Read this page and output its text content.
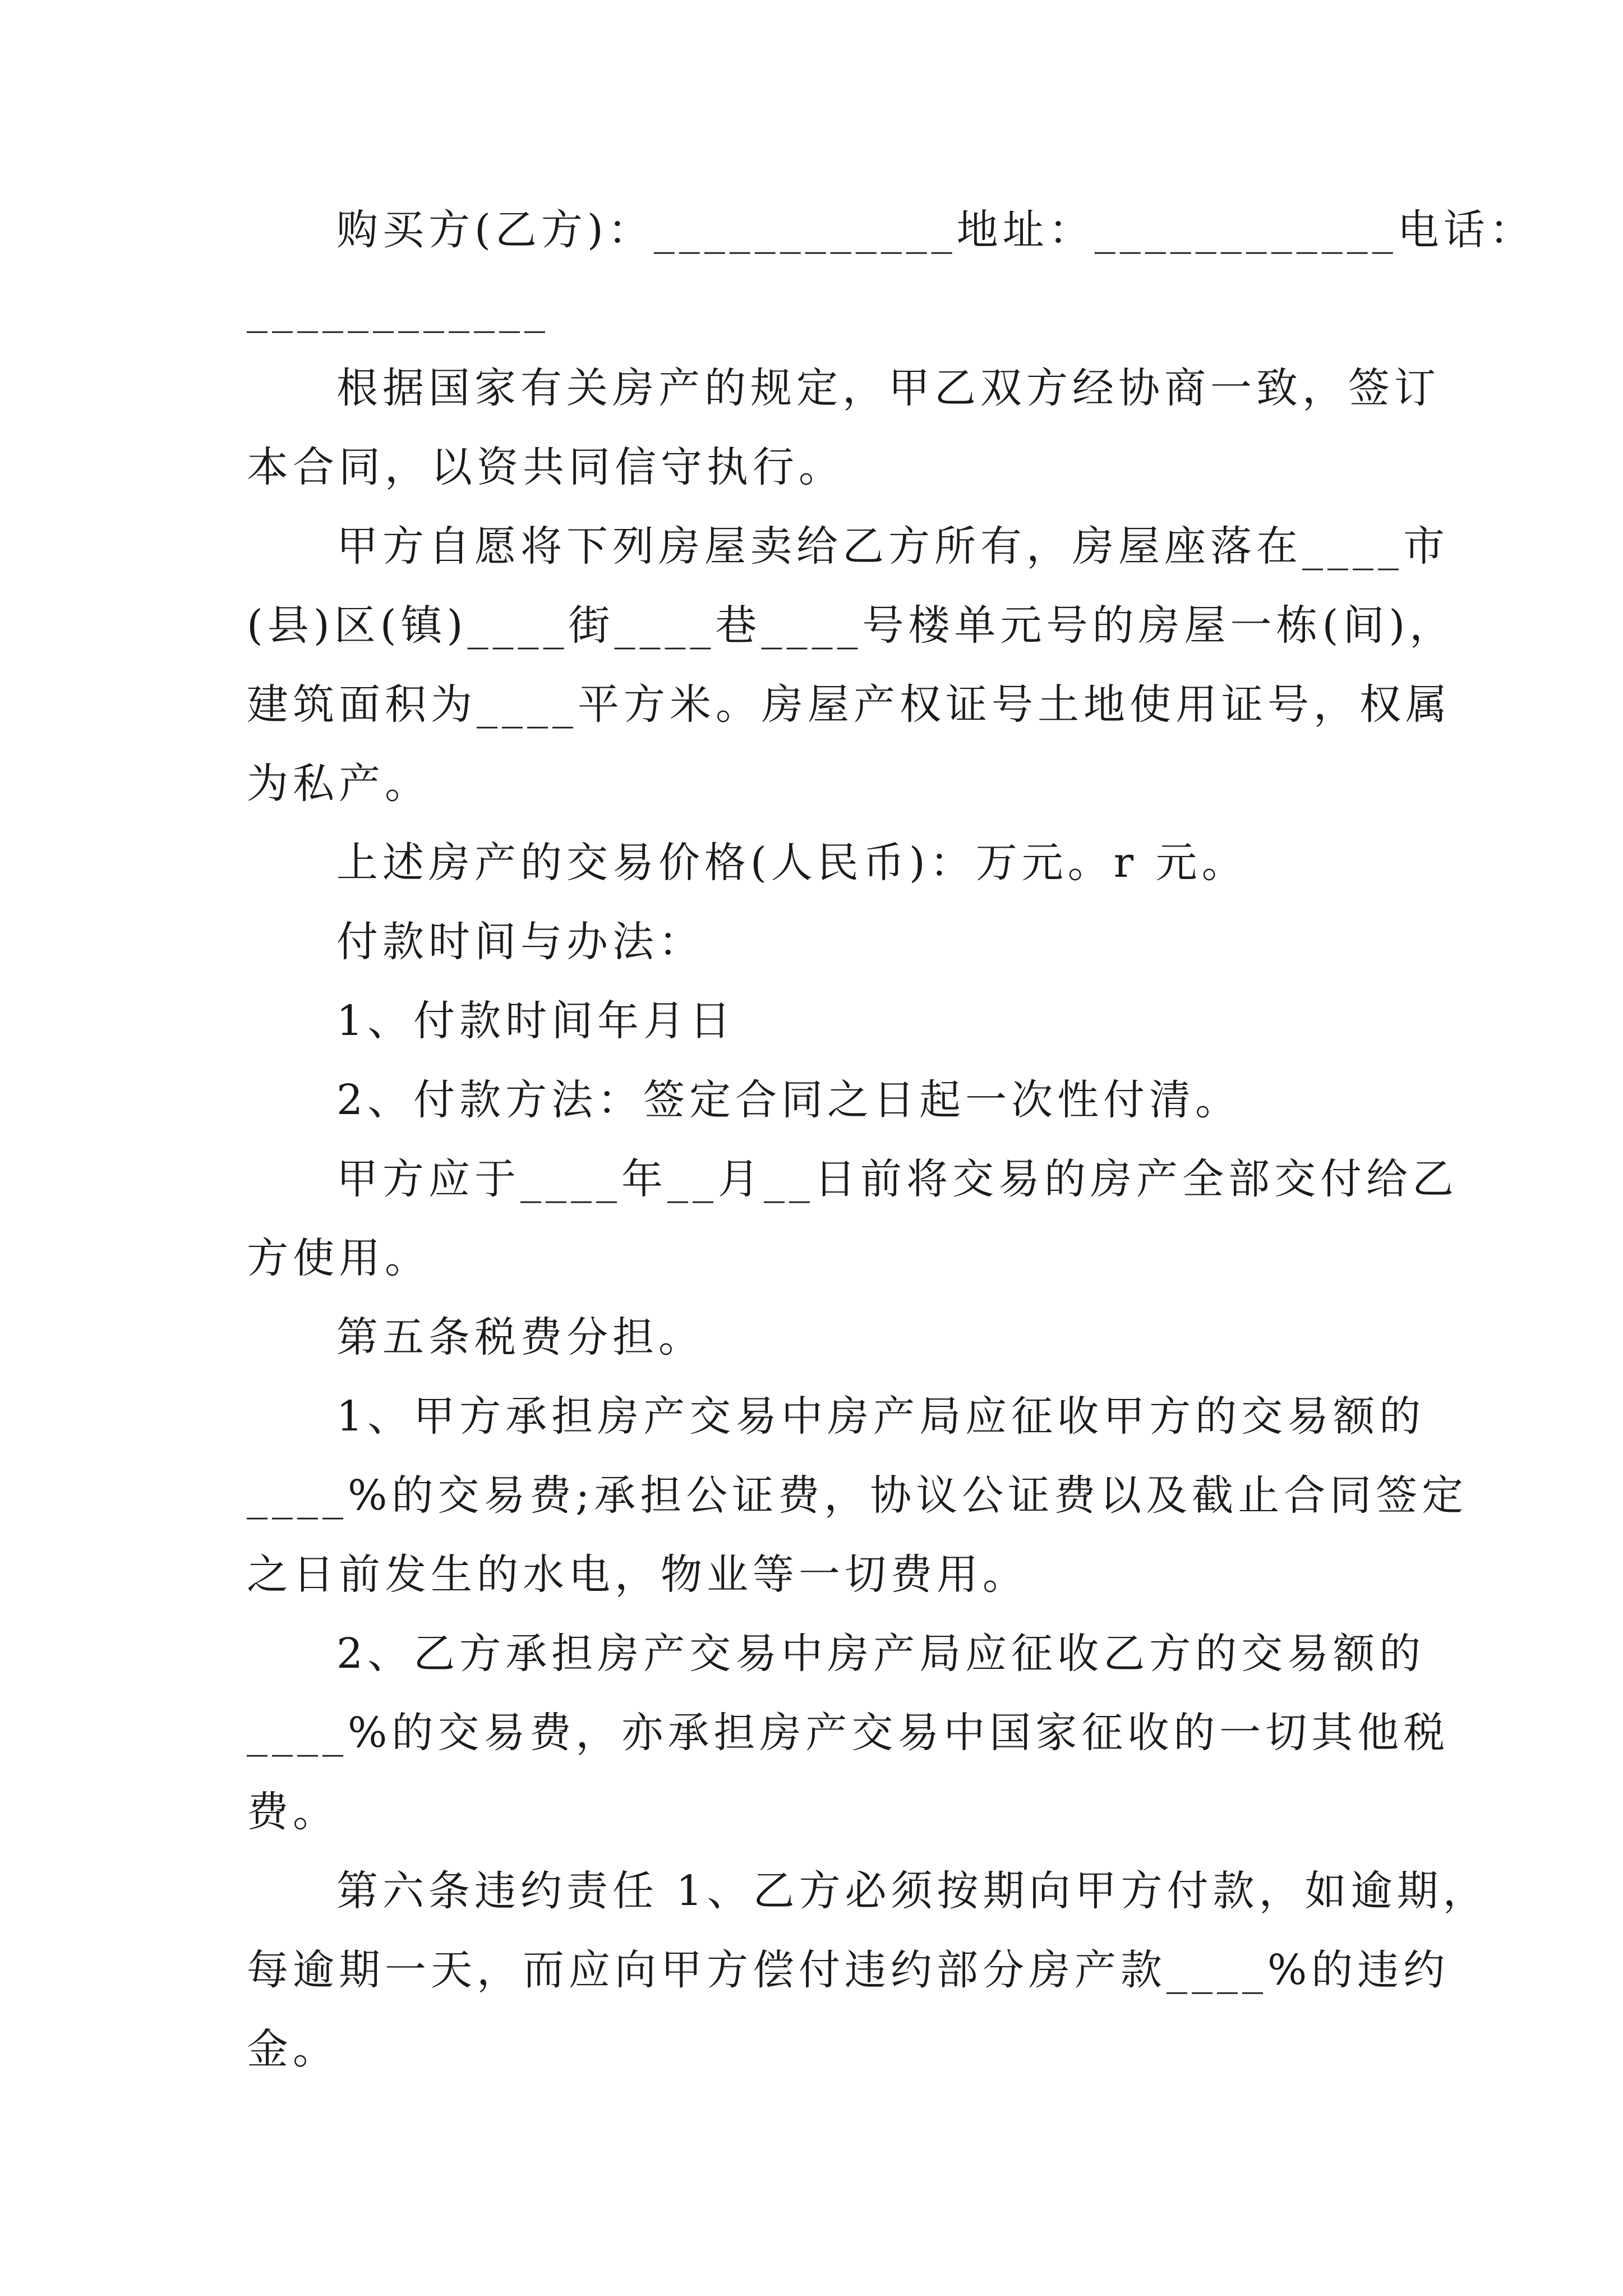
购买方(乙方)：____________地址：____________电话：
____________
根据国家有关房产的规定，甲乙双方经协商一致，签订
本合同，以资共同信守执行。
甲方自愿将下列房屋卖给乙方所有，房屋座落在____市
(县)区(镇)____街____巷____号楼单元号的房屋一栋(间)，
建筑面积为____平方米。房屋产权证号土地使用证号，权属
为私产。
上述房产的交易价格(人民币)：万元。r 元。
付款时间与办法：
1、付款时间年月日
2、付款方法：签定合同之日起一次性付清。
甲方应于____年__月__日前将交易的房产全部交付给乙
方使用。
第五条税费分担。
1、甲方承担房产交易中房产局应征收甲方的交易额的
____%的交易费;承担公证费，协议公证费以及截止合同签定
之日前发生的水电，物业等一切费用。
2、乙方承担房产交易中房产局应征收乙方的交易额的
____%的交易费，亦承担房产交易中国家征收的一切其他税
费。
第六条违约责任 1、乙方必须按期向甲方付款，如逾期，
每逾期一天，而应向甲方偿付违约部分房产款____%的违约
金。
